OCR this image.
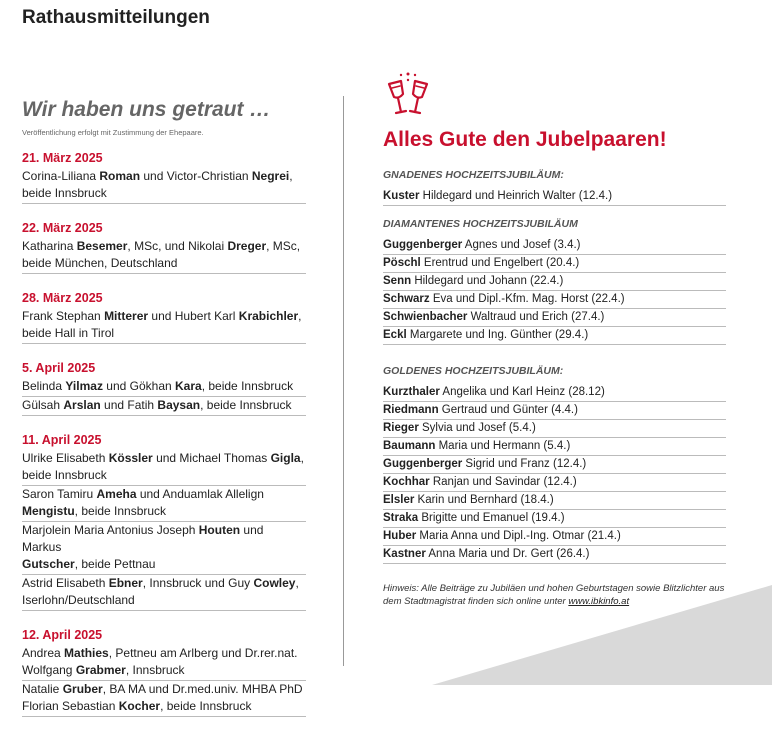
Rathausmitteilungen
Wir haben uns getraut …

Veröffentlichung erfolgt mit Zustimmung der Ehepaare.

21. März 2025

Corina-Liliana Roman und Victor-Christian Negrei,
beide Innsbruck

22. März 2025

Katharina Besemer, MSc, und Nikolai Dreger, MSc,
beide München, Deutschland

28. März 2025

Frank Stephan Mitterer und Hubert Karl Krabichler,
beide Hall in Tirol

5. April 2025

Belinda Yilmaz und Gökhan Kara, beide Innsbruck

Gülsah Arslan und Fatih Baysan, beide Innsbruck

11. April 2025

Ulrike Elisabeth Kössler und Michael Thomas Gigla,
beide Innsbruck

Saron Tamiru Ameha und Anduamlak Allelign
Mengistu, beide Innsbruck

Marjolein Maria Antonius Joseph Houten und Markus
Gutscher, beide Pettnau

Astrid Elisabeth Ebner, Innsbruck und Guy Cowley,
Iserlohn/Deutschland

12. April 2025

Andrea Mathies, Pettneu am Arlberg und Dr.rer.nat.
Wolfgang Grabmer, Innsbruck

Natalie Gruber, BA MA und Dr.med.univ. MHBA PhD
Florian Sebastian Kocher, beide Innsbruck

Alles Gute den Jubelpaaren!

GNADENES HOCHZEITSJUBILÄUM:

Kuster Hildegard und Heinrich Walter (12.4.)

DIAMANTENES HOCHZEITSJUBILÄUM

Guggenberger Agnes und Josef (3.4.)

Pöschl Erentrud und Engelbert (20.4.)

Senn Hildegard und Johann (22.4.)

Schwarz Eva und Dipl.-Kfm. Mag. Horst (22.4.)

Schwienbacher Waltraud und Erich (27.4.)

Eckl Margarete und Ing. Günther (29.4.)

GOLDENES HOCHZEITSJUBILÄUM:

Kurzthaler Angelika und Karl Heinz (28.12)

Riedmann Gertraud und Günter (4.4.)

Rieger Sylvia und Josef (5.4.)

Baumann Maria und Hermann (5.4.)

Guggenberger Sigrid und Franz (12.4.)

Kochhar Ranjan und Savindar (12.4.)

Elsler Karin und Bernhard (18.4.)

Straka Brigitte und Emanuel (19.4.)

Huber Maria Anna und Dipl.-Ing. Otmar (21.4.)

Kastner Anna Maria und Dr. Gert (26.4.)

Hinweis: Alle Beiträge zu Jubiläen und hohen Geburtstagen sowie Blitzlichter aus dem Stadtmagistrat finden sich online unter www.ibkinfo.at
